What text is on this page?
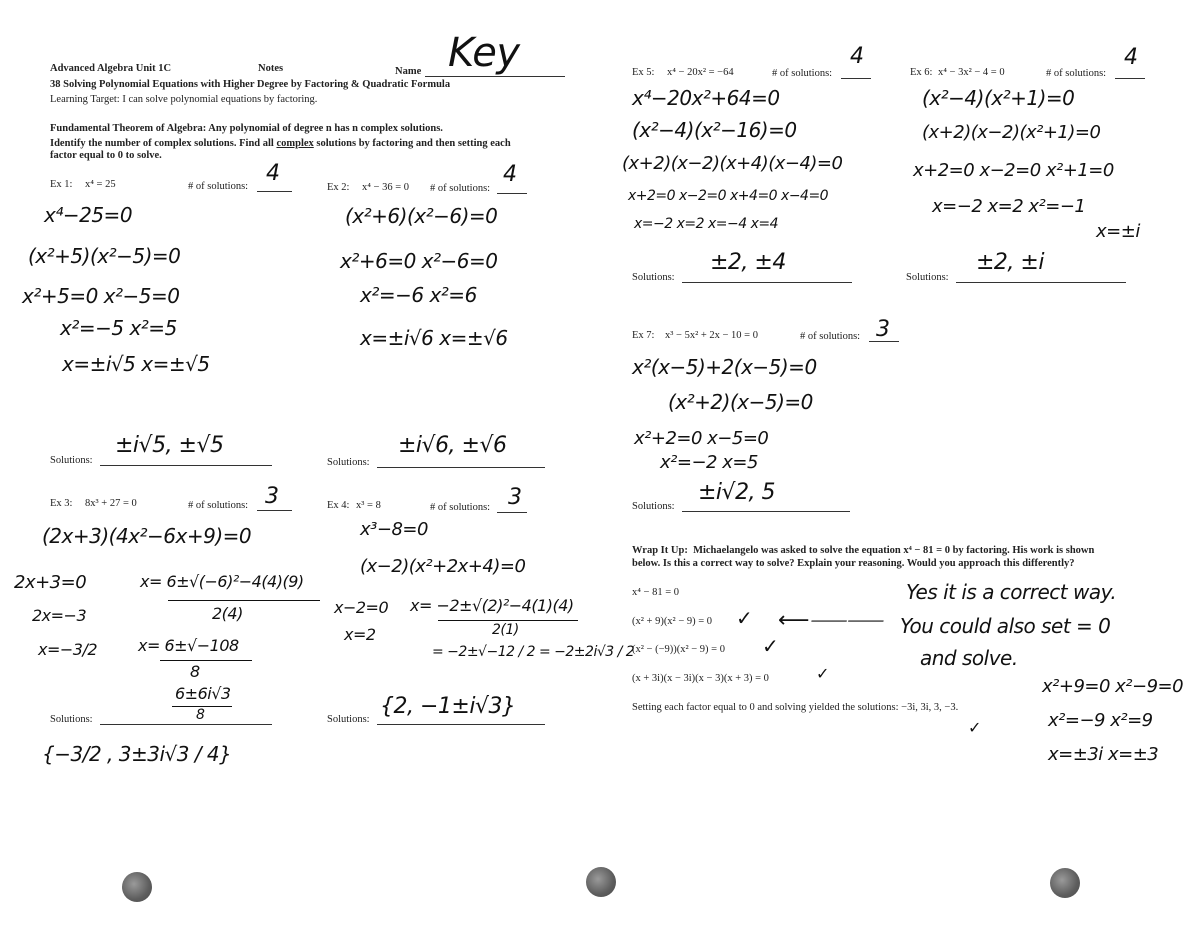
Advanced Algebra Unit 1C	Notes	Name Key
38 Solving Polynomial Equations with Higher Degree by Factoring & Quadratic Formula
Learning Target: I can solve polynomial equations by factoring.
Fundamental Theorem of Algebra: Any polynomial of degree n has n complex solutions.
Identify the number of complex solutions. Find all complex solutions by factoring and then setting each
factor equal to 0 to solve.
Ex 1: x⁴ = 25	# of solutions:
4
x⁴−25=0
(x²+5)(x²−5)=0
x²+5=0 x²−5=0
x²=−5 x²=5
x=±i√5 x=±√5
Solutions:
±i√5, ±√5
Ex 2: x⁴ − 36 = 0 # of solutions:
4
(x²+6)(x²−6)=0
x²+6=0 x²−6=0
x²=−6 x²=6
x=±i√6 x=±√6
Solutions:
±i√6, ±√6
Ex 3: 8x³ + 27 = 0	# of solutions: 3
(2x+3)(4x²−6x+9)=0
2x+3=0
2x=−3
x=−3/2
x= 6±√(−6)²−4(4)(9)
2(4)
x= 6±√−108
8
6±6i√3
8
Solutions:
{−3/2 , 3±3i√3 / 4}
Ex 4: x³ = 8	# of solutions: 3
x³−8=0
(x−2)(x²+2x+4)=0
x−2=0
x=2
x= −2±√(2)²−4(1)(4)
2(1)
= −2±√−12 / 2 = −2±2i√3 / 2
Solutions:
{2, −1±i√3}
Ex 5: x⁴ − 20x² = −64	# of solutions:
4
x⁴−20x²+64=0
(x²−4)(x²−16)=0
(x+2)(x−2)(x+4)(x−4)=0
x+2=0 x−2=0 x+4=0 x−4=0
x=−2 x=2 x=−4 x=4
Solutions:
±2, ±4
Ex 6: x⁴ − 3x² − 4 = 0	# of solutions:
4
(x²−4)(x²+1)=0
(x+2)(x−2)(x²+1)=0
x+2=0 x−2=0 x²+1=0
x=−2 x=2 x²=−1
x=±i
Solutions:
±2, ±i
Ex 7: x³ − 5x² + 2x − 10 = 0	# of solutions: 3
x²(x−5)+2(x−5)=0
(x²+2)(x−5)=0
x²+2=0 x−5=0
x²=−2 x=5
Solutions:
±i√2, 5
Wrap It Up: Michaelangelo was asked to solve the equation x⁴ − 81 = 0 by factoring. His work is shown
below. Is this a correct way to solve? Explain your reasoning. Would you approach this differently?
x⁴ − 81 = 0
(x² + 9)(x² − 9) = 0 ✓ ⟵⸺⸺
(x² − (−9))(x² − 9) = 0 ✓
(x + 3i)(x − 3i)(x − 3)(x + 3) = 0	✓
Setting each factor equal to 0 and solving yielded the solutions: −3i, 3i, 3, −3.
✓
Yes it is a correct way.
You could also set = 0
and solve.
x²+9=0 x²−9=0
x²=−9 x²=9
x=±3i x=±3
